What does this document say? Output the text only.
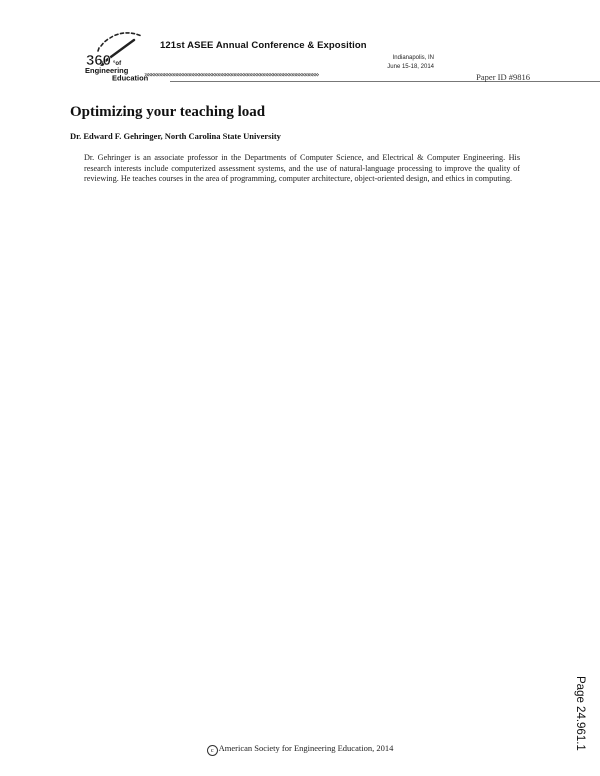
360 °of
Engineering
Education
121st ASEE Annual Conference & Exposition
Indianapolis, IN
June 15-18, 2014
»»»»»»»»»»»»»»»»»»»»»»»»»»»»»»»»»»»»»»»»»»»»»»»»»»»»»»	Paper ID #9816
Optimizing your teaching load

Dr. Edward F. Gehringer, North Carolina State University

Dr. Gehringer is an associate professor in the Departments of Computer Science, and Electrical & Computer Engineering. His research interests include computerized assessment systems, and the use of natural-language processing to improve the quality of reviewing. He teaches courses in the area of programming, computer architecture, object-oriented design, and ethics in computing.

Page 24.961.1
c American Society for Engineering Education, 2014
